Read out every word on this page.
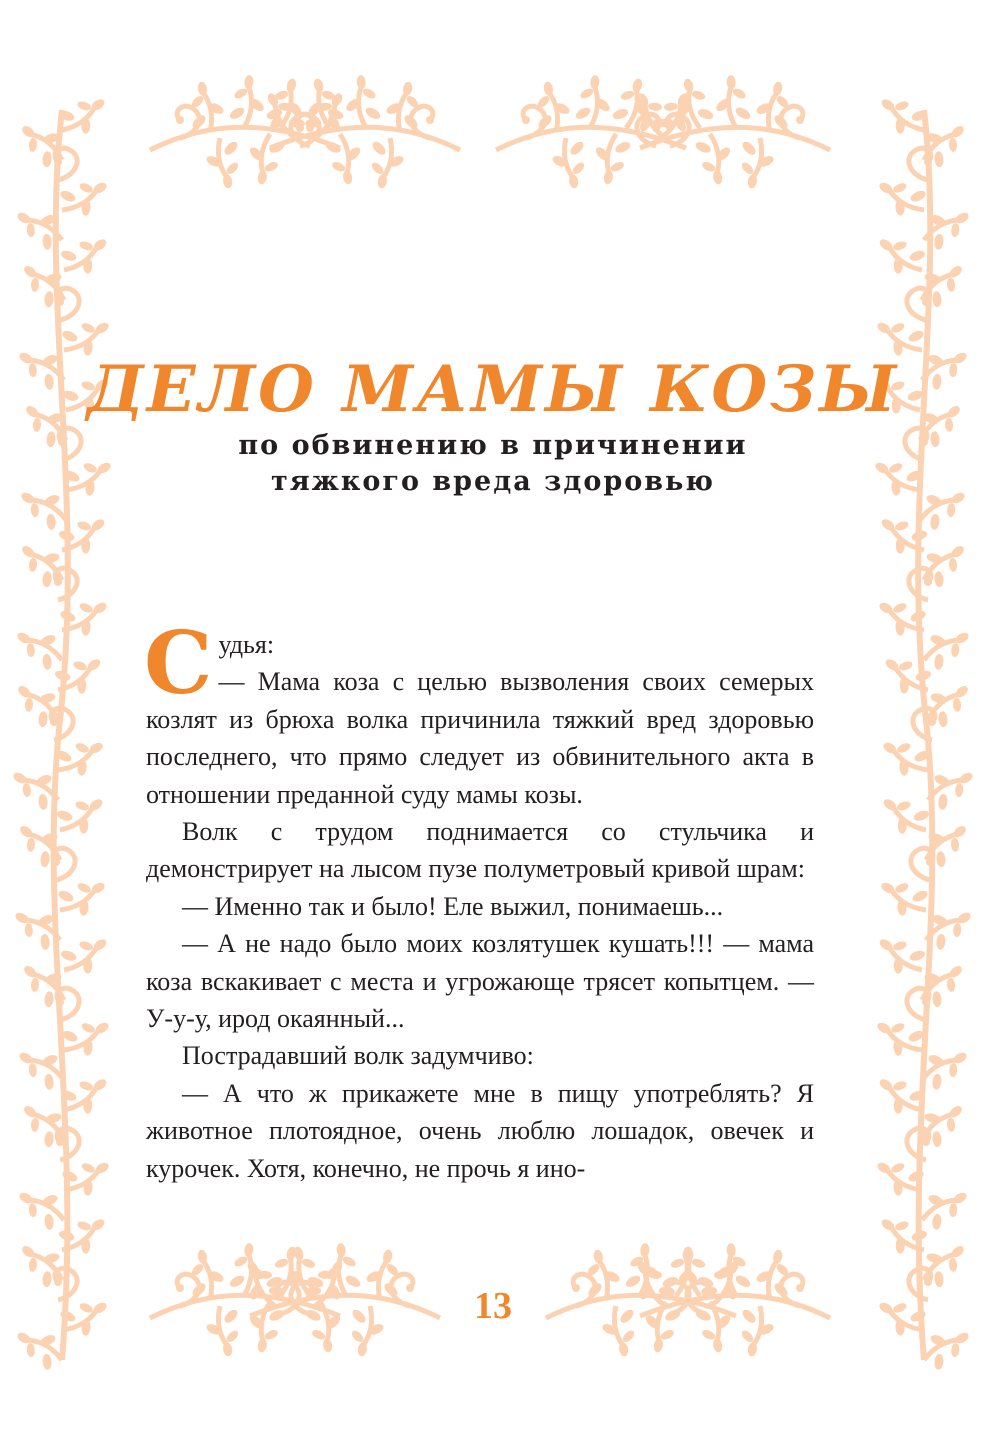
ДЕЛО МАМЫ КОЗЫ
по обвинению в причинении
тяжкого вреда здоровью
С удья:

— Мама коза с целью вызволения своих семерых козлят из брюха волка причинила тяжкий вред здоровью последнего, что прямо следует из обвинительного акта в отношении преданной суду мамы козы.

Волк с трудом поднимается со стульчика и демонстрирует на лысом пузе полуметровый кривой шрам:

— Именно так и было! Еле выжил, понимаешь...

— А не надо было моих козлятушек кушать!!! — мама коза вскакивает с места и угрожающе трясет копытцем. — У-у-у, ирод окаянный...

Пострадавший волк задумчиво:

— А что ж прикажете мне в пищу употреблять? Я животное плотоядное, очень люблю лошадок, овечек и курочек. Хотя, конечно, не прочь я ино-

13
